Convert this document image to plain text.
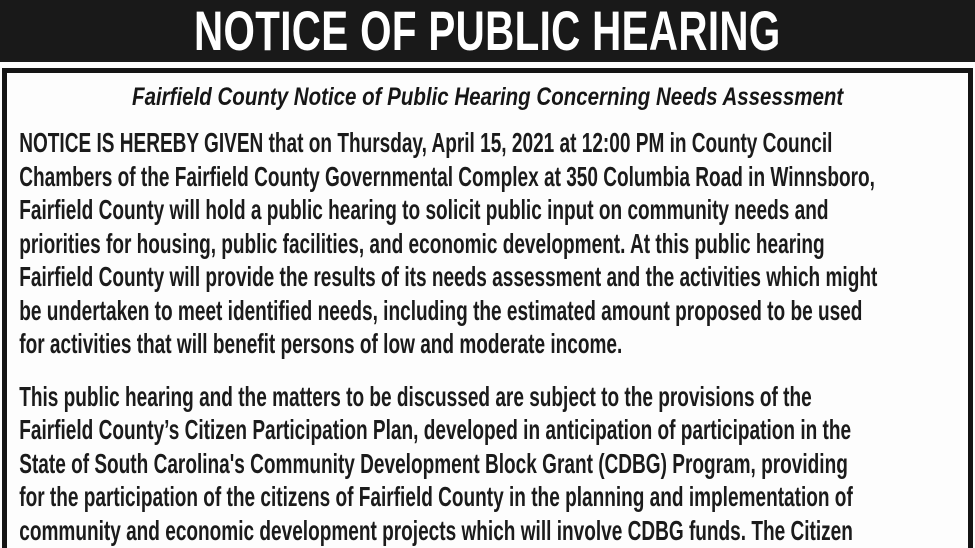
NOTICE OF PUBLIC HEARING
Fairfield County Notice of Public Hearing Concerning Needs Assessment
NOTICE IS HEREBY GIVEN that on Thursday, April 15, 2021 at 12:00 PM in County Council
Chambers of the Fairfield County Governmental Complex at 350 Columbia Road in Winnsboro,
Fairfield County will hold a public hearing to solicit public input on community needs and
priorities for housing, public facilities, and economic development. At this public hearing
Fairfield County will provide the results of its needs assessment and the activities which might
be undertaken to meet identified needs, including the estimated amount proposed to be used
for activities that will benefit persons of low and moderate income.
This public hearing and the matters to be discussed are subject to the provisions of the
Fairfield County’s Citizen Participation Plan, developed in anticipation of participation in the
State of South Carolina's Community Development Block Grant (CDBG) Program, providing
for the participation of the citizens of Fairfield County in the planning and implementation of
community and economic development projects which will involve CDBG funds. The Citizen
